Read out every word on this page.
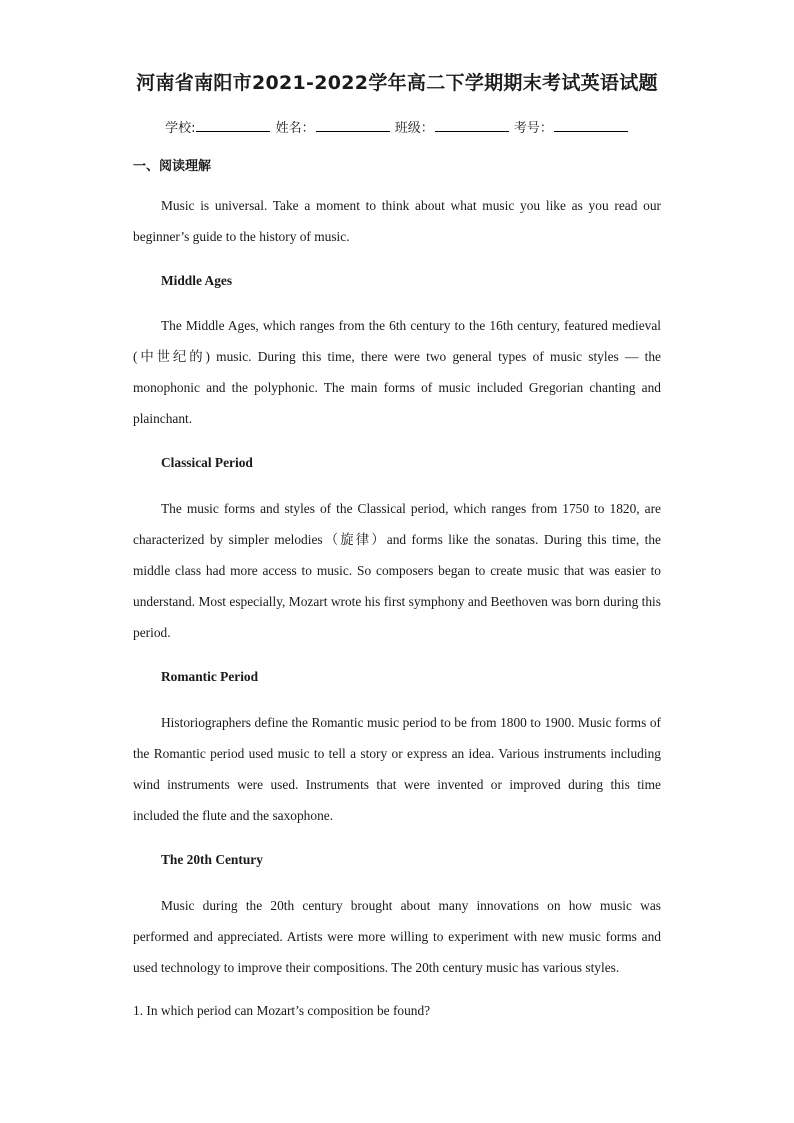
河南省南阳市2021-2022学年高二下学期期末考试英语试题
学校:	姓名：	班级：	考号：
一、阅读理解
Music is universal. Take a moment to think about what music you like as you read our beginner’s guide to the history of music.
Middle Ages
The Middle Ages, which ranges from the 6th century to the 16th century, featured medieval (中世纪的) music. During this time, there were two general types of music styles — the monophonic and the polyphonic. The main forms of music included Gregorian chanting and plainchant.
Classical Period
The music forms and styles of the Classical period, which ranges from 1750 to 1820, are characterized by simpler melodies（旋律）and forms like the sonatas. During this time, the middle class had more access to music. So composers began to create music that was easier to understand. Most especially, Mozart wrote his first symphony and Beethoven was born during this period.
Romantic Period
Historiographers define the Romantic music period to be from 1800 to 1900. Music forms of the Romantic period used music to tell a story or express an idea. Various instruments including wind instruments were used. Instruments that were invented or improved during this time included the flute and the saxophone.
The 20th Century
Music during the 20th century brought about many innovations on how music was performed and appreciated. Artists were more willing to experiment with new music forms and used technology to improve their compositions. The 20th century music has various styles.
1. In which period can Mozart’s composition be found?
